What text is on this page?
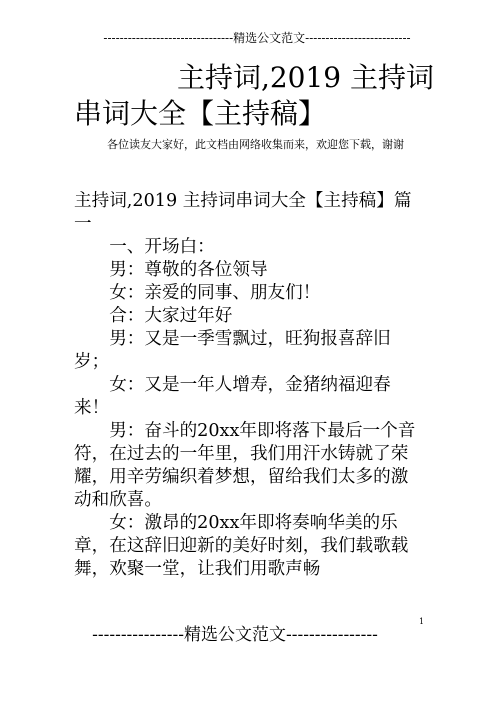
--------------------------------精选公文范文--------------------------
主持词,2019 主持词
串词大全【主持稿】
各位读友大家好，此文档由网络收集而来，欢迎您下载，谢谢

主持词,2019 主持词串词大全【主持稿】篇一

一、开场白：

男：尊敬的各位领导

女：亲爱的同事、朋友们！

合：大家过年好

男：又是一季雪飘过，旺狗报喜辞旧岁；

女：又是一年人增寿，金猪纳福迎春来！

男：奋斗的20xx年即将落下最后一个音符，在过去的一年里，我们用汗水铸就了荣耀，用辛劳编织着梦想，留给我们太多的激动和欣喜。

女：激昂的20xx年即将奏响华美的乐章，在这辞旧迎新的美好时刻，我们载歌载舞，欢聚一堂，让我们用歌声畅

----------------精选公文范文----------------
1
